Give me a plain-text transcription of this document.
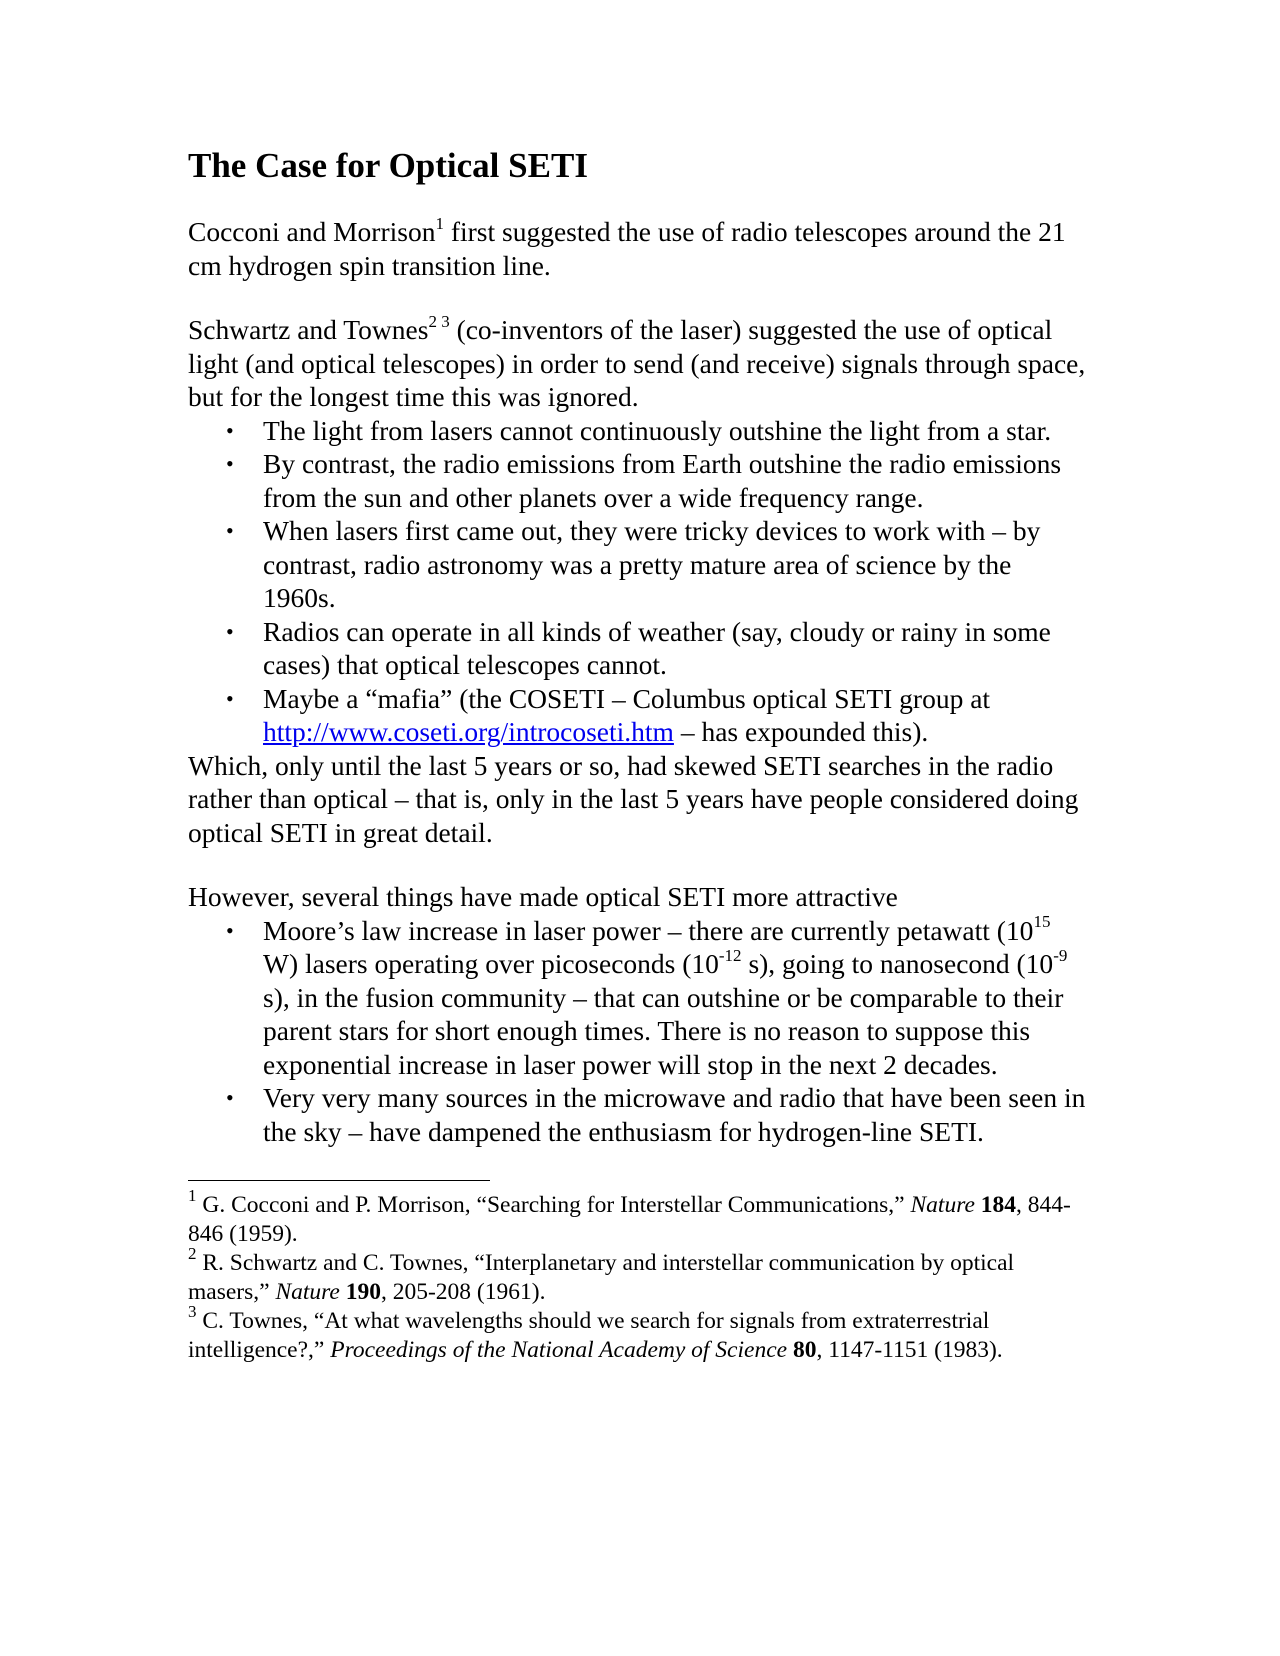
The Case for Optical SETI

Cocconi and Morrison$^1$ first suggested the use of radio telescopes around the 21 cm hydrogen spin transition line.

Schwartz and Townes$^{2 3}$ (co-inventors of the laser) suggested the use of optical light (and optical telescopes) in order to send (and receive) signals through space, but for the longest time this was ignored.

• The light from lasers cannot continuously outshine the light from a star.
• By contrast, the radio emissions from Earth outshine the radio emissions from the sun and other planets over a wide frequency range.
• When lasers first came out, they were tricky devices to work with – by contrast, radio astronomy was a pretty mature area of science by the 1960s.
• Radios can operate in all kinds of weather (say, cloudy or rainy in some cases) that optical telescopes cannot.
• Maybe a “mafia” (the COSETI – Columbus optical SETI group at http://www.coseti.org/introcoseti.htm – has expounded this).

Which, only until the last 5 years or so, had skewed SETI searches in the radio rather than optical – that is, only in the last 5 years have people considered doing optical SETI in great detail.

However, several things have made optical SETI more attractive

• Moore’s law increase in laser power – there are currently petawatt ($10^{15}$ W) lasers operating over picoseconds ($10^{-12}$ s), going to nanosecond ($10^{-9}$ s), in the fusion community – that can outshine or be comparable to their parent stars for short enough times. There is no reason to suppose this exponential increase in laser power will stop in the next 2 decades.
• Very very many sources in the microwave and radio that have been seen in the sky – have dampened the enthusiasm for hydrogen-line SETI.
$^1$ G. Cocconi and P. Morrison, “Searching for Interstellar Communications,” Nature 184, 844-846 (1959).
$^2$ R. Schwartz and C. Townes, “Interplanetary and interstellar communication by optical masers,” Nature 190, 205-208 (1961).
$^3$ C. Townes, “At what wavelengths should we search for signals from extraterrestrial intelligence?,” Proceedings of the National Academy of Science 80, 1147-1151 (1983).
